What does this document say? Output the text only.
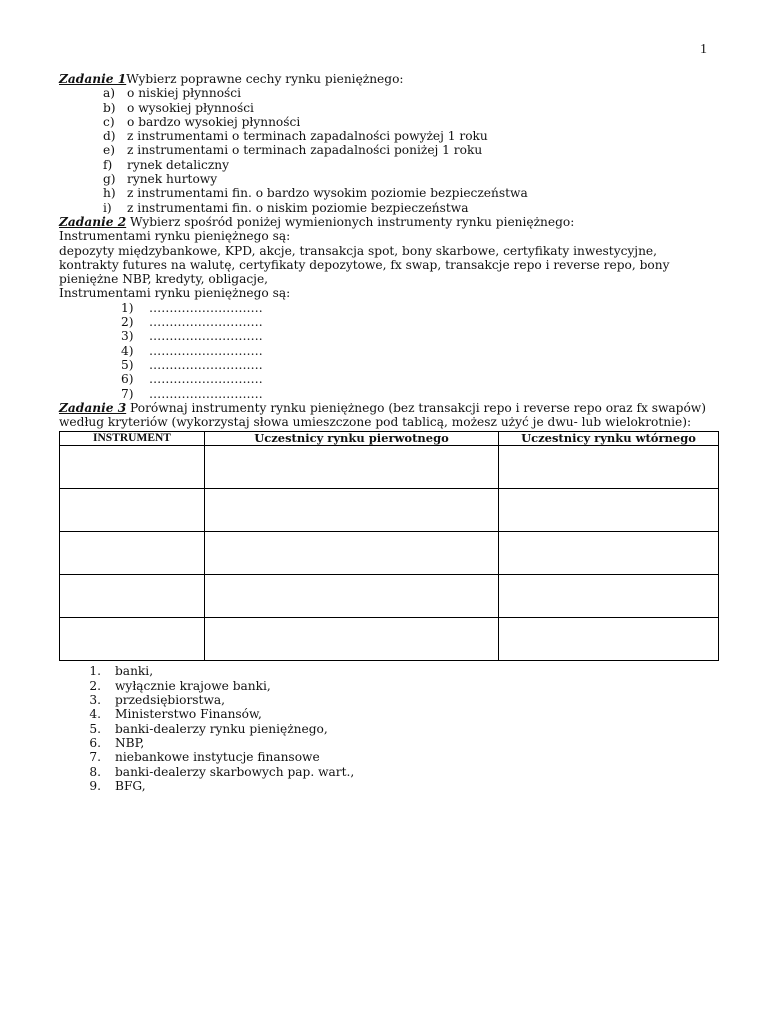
1
Zadanie 1Wybierz poprawne cechy rynku pieniężnego:
a) o niskiej płynności
b) o wysokiej płynności
c)	o bardzo wysokiej płynności
d) z instrumentami o terminach zapadalności powyżej 1 roku
e) z instrumentami o terminach zapadalności poniżej 1 roku
f)	rynek detaliczny
g) rynek hurtowy
h) z instrumentami fin. o bardzo wysokim poziomie bezpieczeństwa
i)	z instrumentami fin. o niskim poziomie bezpieczeństwa
Zadanie 2 Wybierz spośród poniżej wymienionych instrumenty rynku pieniężnego:
Instrumentami rynku pieniężnego są:
depozyty międzybankowe, KPD, akcje, transakcja spot, bony skarbowe, certyfikaty inwestycyjne, kontrakty futures na walutę, certyfikaty depozytowe, fx swap, transakcje repo i reverse repo, bony pieniężne NBP, kredyty, obligacje,
Instrumentami rynku pieniężnego są:
1)	……………………….
2)	……………………….
3)	……………………….
4)	……………………….
5)	……………………….
6)	……………………….
7)	……………………….
Zadanie 3 Porównaj instrumenty rynku pieniężnego (bez transakcji repo i reverse repo oraz fx swapów) według kryteriów (wykorzystaj słowa umieszczone pod tablicą, możesz użyć je dwu- lub wielokrotnie):
INSTRUMENT	Uczestnicy rynku pierwotnego	Uczestnicy rynku wtórnego

1.	banki,
2.	wyłącznie krajowe banki,
3.	przedsiębiorstwa,
4.	Ministerstwo Finansów,
5.	banki-dealerzy rynku pieniężnego,
6.	NBP,
7.	niebankowe instytucje finansowe
8.	banki-dealerzy skarbowych pap. wart.,
9.	BFG,
